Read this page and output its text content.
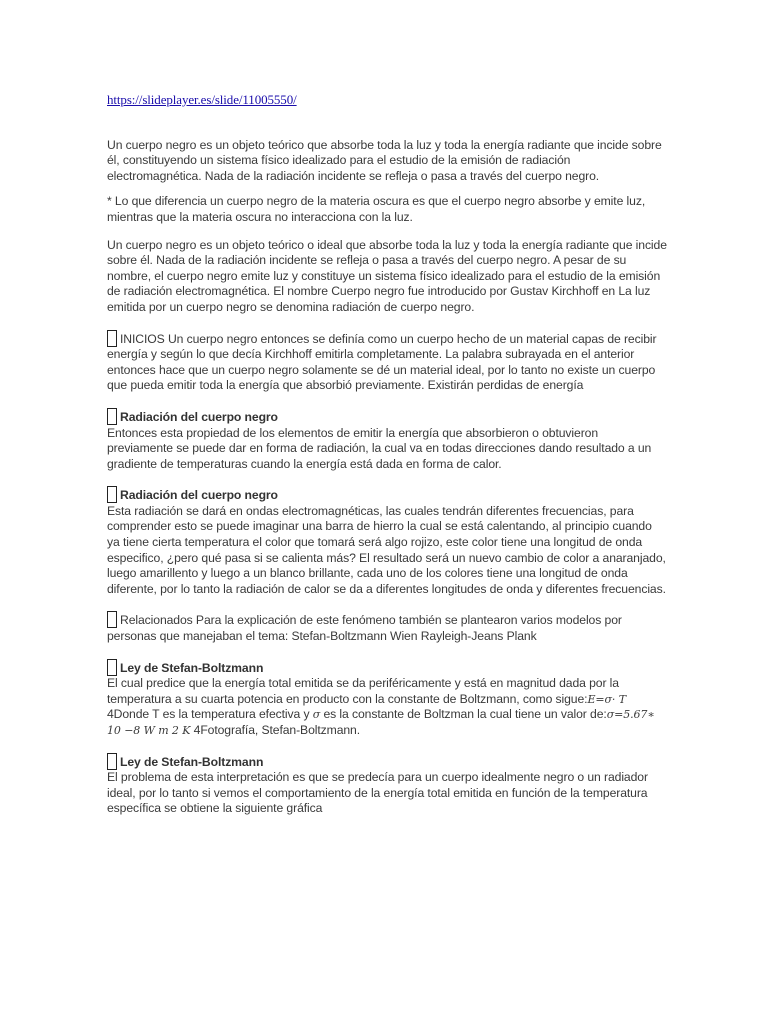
https://slideplayer.es/slide/11005550/

Un cuerpo negro es un objeto teórico que absorbe toda la luz y toda la energía radiante que incide sobre él, constituyendo un sistema físico idealizado para el estudio de la emisión de radiación electromagnética. Nada de la radiación incidente se refleja o pasa a través del cuerpo negro.

* Lo que diferencia un cuerpo negro de la materia oscura es que el cuerpo negro absorbe y emite luz, mientras que la materia oscura no interacciona con la luz.

Un cuerpo negro es un objeto teórico o ideal que absorbe toda la luz y toda la energía radiante que incide sobre él. Nada de la radiación incidente se refleja o pasa a través del cuerpo negro. A pesar de su nombre, el cuerpo negro emite luz y constituye un sistema físico idealizado para el estudio de la emisión de radiación electromagnética. El nombre Cuerpo negro fue introducido por Gustav Kirchhoff en La luz emitida por un cuerpo negro se denomina radiación de cuerpo negro.

INICIOS Un cuerpo negro entonces se definía como un cuerpo hecho de un material capas de recibir energía y según lo que decía Kirchhoff emitirla completamente. La palabra subrayada en el anterior entonces hace que un cuerpo negro solamente se dé un material ideal, por lo tanto no existe un cuerpo que pueda emitir toda la energía que absorbió previamente. Existirán perdidas de energía
Radiación del cuerpo negro

Entonces esta propiedad de los elementos de emitir la energía que absorbieron o obtuvieron previamente se puede dar en forma de radiación, la cual va en todas direcciones dando resultado a un gradiente de temperaturas cuando la energía está dada en forma de calor.

Radiación del cuerpo negro

Esta radiación se dará en ondas electromagnéticas, las cuales tendrán diferentes frecuencias, para comprender esto se puede imaginar una barra de hierro la cual se está calentando, al principio cuando ya tiene cierta temperatura el color que tomará será algo rojizo, este color tiene una longitud de onda especifico, ¿pero qué pasa si se calienta más? El resultado será un nuevo cambio de color a anaranjado, luego amarillento y luego a un blanco brillante, cada uno de los colores tiene una longitud de onda diferente, por lo tanto la radiación de calor se da a diferentes longitudes de onda y diferentes frecuencias.

Relacionados Para la explicación de este fenómeno también se plantearon varios modelos por personas que manejaban el tema: Stefan-Boltzmann Wien Rayleigh-Jeans Plank
Ley de Stefan-Boltzmann

El cual predice que la energía total emitida se da periféricamente y está en magnitud dada por la temperatura a su cuarta potencia en producto con la constante de Boltzmann, como sigue:𝐸=𝜎· 𝑇 4Donde T es la temperatura efectiva y 𝜎 es la constante de Boltzman la cual tiene un valor de:𝜎=5.67∗ 10 −8 𝑊 𝑚 2 𝐾 4Fotografía, Stefan-Boltzmann.

Ley de Stefan-Boltzmann

El problema de esta interpretación es que se predecía para un cuerpo idealmente negro o un radiador ideal, por lo tanto si vemos el comportamiento de la energía total emitida en función de la temperatura específica se obtiene la siguiente gráfica
